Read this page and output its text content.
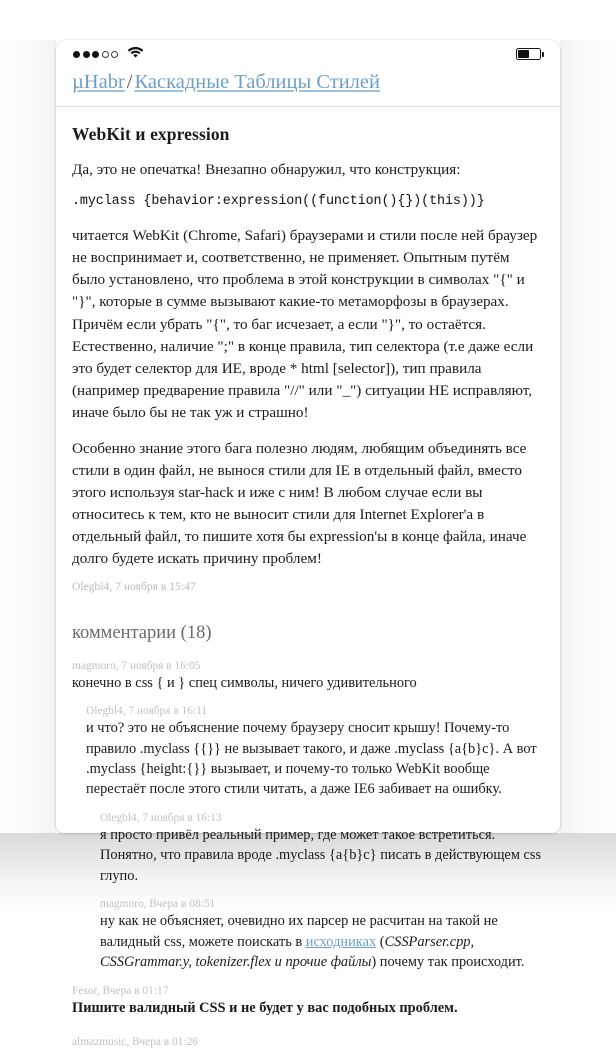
µHabr/Каскадные Таблицы Стилей
WebKit и expression

Да, это не опечатка! Внезапно обнаружил, что конструкция:

.myclass {behavior:expression((function(){})(this))}

читается WebKit (Chrome, Safari) браузерами и стили после ней браузер не воспринимает и, соответственно, не применяет. Опытным путём было установлено, что проблема в этой конструкции в символах "{" и "}", которые в сумме вызывают какие-то метаморфозы в браузерах. Причём если убрать "{", то баг исчезает, а если "}", то остаётся. Естественно, наличие ";" в конце правила, тип селектора (т.е даже если это будет селектор для ИЕ, вроде * html [selector]), тип правила (например предварение правила "//" или "_") ситуации НЕ исправляют, иначе было бы не так уж и страшно!

Особенно знание этого бага полезно людям, любящим объединять все стили в один файл, не вынося стили для IE в отдельный файл, вместо этого используя star-hack и иже с ним! В любом случае если вы относитесь к тем, кто не выносит стили для Internet Explorer'a в отдельный файл, то пишите хотя бы expression'ы в конце файла, иначе долго будете искать причину проблем!

Olegbl4, 7 ноября в 15:47
комментарии (18)
magmoro, 7 ноября в 16:05
конечно в css { и } спец символы, ничего удивительного
Olegbl4, 7 ноября в 16:11
и что? это не объяснение почему браузеру сносит крышу! Почему-то правило .myclass {{}} не вызывает такого, и даже .myclass {a{b}c}. А вот .myclass {height:{}} вызывает, и почему-то только WebKit вообще перестаёт после этого стили читать, а даже IE6 забивает на ошибку.
Olegbl4, 7 ноября в 16:13
я просто привёл реальный пример, где может такое встретиться. Понятно, что правила вроде .myclass {a{b}c} писать в действующем css глупо.
magmoro, Вчера в 08:51
ну как не объясняет, очевидно их парсер не расчитан на такой не валидный css, можете поискать в исходниках (CSSParser.cpp, CSSGrammar.y, tokenizer.flex и прочие файлы) почему так происходит.
Fesor, Вчера в 01:17
Пишите валидный CSS и не будет у вас подобных проблем.
almazmusic, Вчера в 01:26
